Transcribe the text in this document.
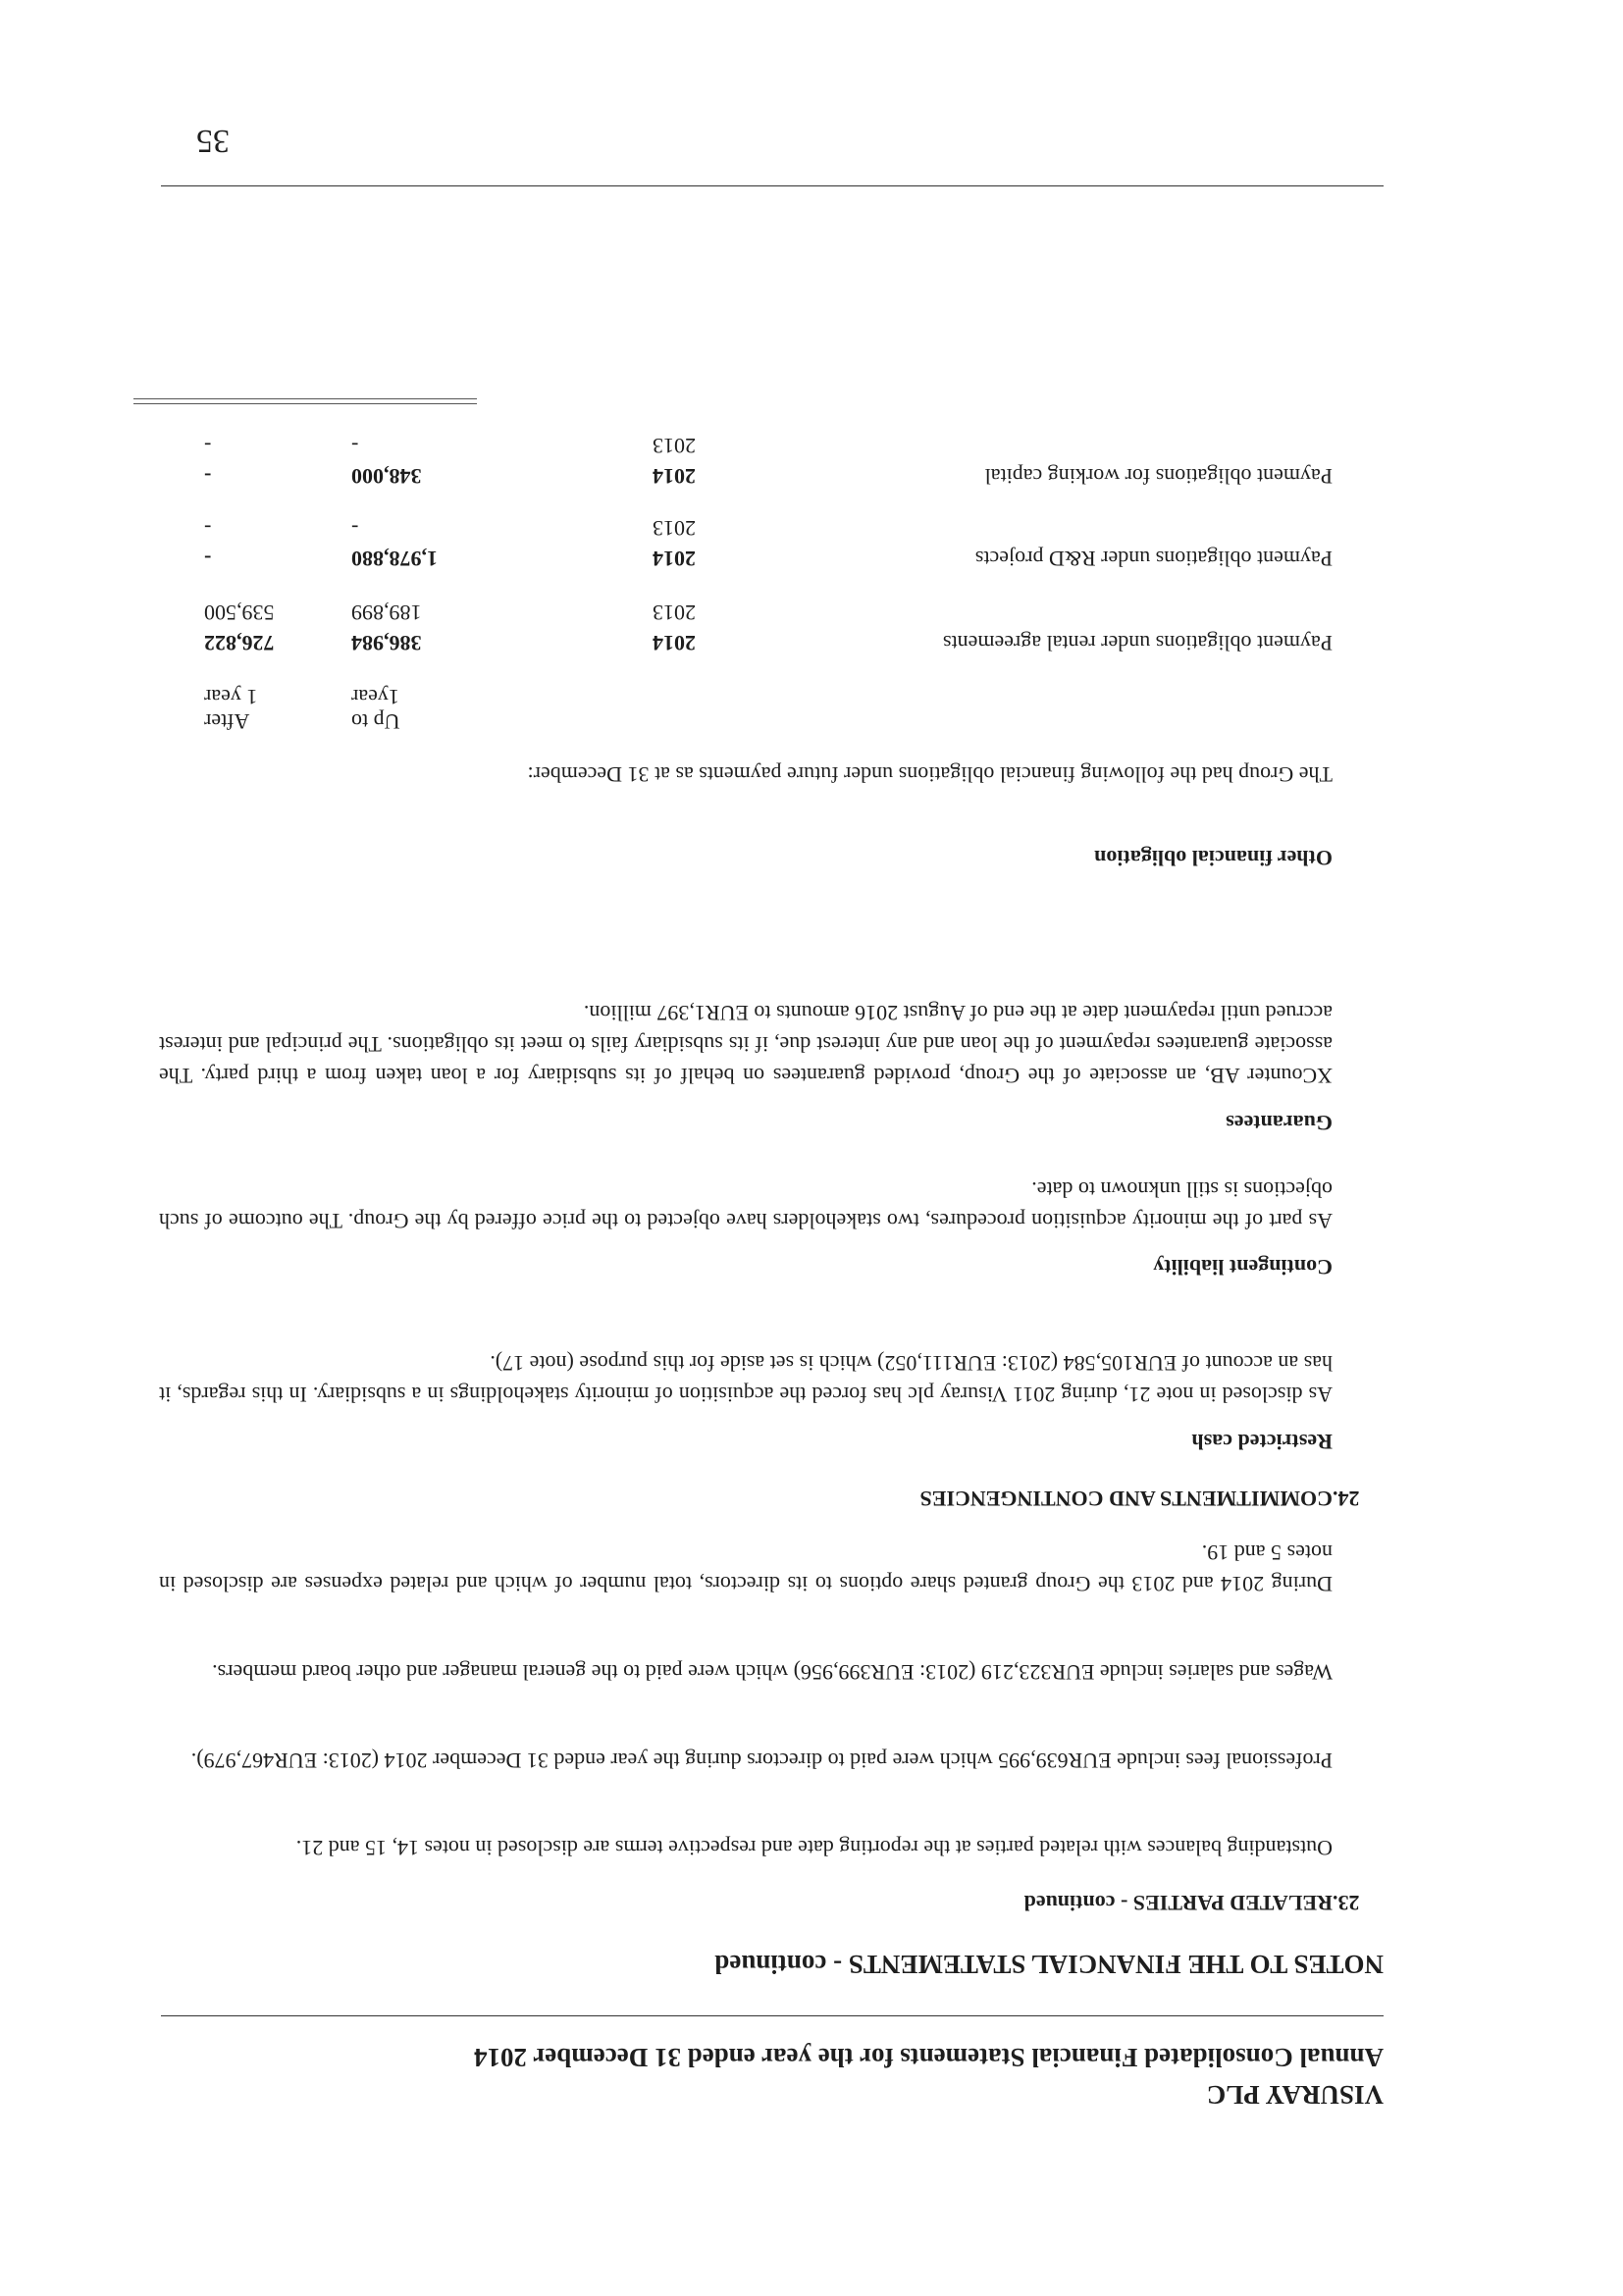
VISURAY PLC
Annual Consolidated Financial Statements for the year ended 31 December 2014
NOTES TO THE FINANCIAL STATEMENTS - continued
23.RELATED PARTIES - continued
Outstanding balances with related parties at the reporting date and respective terms are disclosed in notes 14, 15 and 21.
Professional fees include EUR639,995 which were paid to directors during the year ended 31 December 2014 (2013: EUR467,979).
Wages and salaries include EUR323,219 (2013: EUR399,956) which were paid to the general manager and other board members.
During 2014 and 2013 the Group granted share options to its directors, total number of which and related expenses are disclosed in notes 5 and 19.
24.COMMITMENTS AND CONTINGENCIES
Restricted cash
As disclosed in note 21, during 2011 Visuray plc has forced the acquisition of minority stakeholdings in a subsidiary. In this regards, it has an account of EUR105,584 (2013: EUR111,052) which is set aside for this purpose (note 17).
Contingent liability
As part of the minority acquisition procedures, two stakeholders have objected to the price offered by the Group. The outcome of such objections is still unknown to date.
Guarantees
XCounter AB, an associate of the Group, provided guarantees on behalf of its subsidiary for a loan taken from a third party. The associate guarantees repayment of the loan and any interest due, if its subsidiary fails to meet its obligations. The principal and interest accrued until repayment date at the end of August 2016 amounts to EUR1,397 million.
Other financial obligation
The Group had the following financial obligations under future payments as at 31 December:
Up to
1year
After
1 year
Payment obligations under rental agreements
2014
386,984
726,822
2013
189,899
539,500
Payment obligations under R&D projects
2014
1,978,880
-
2013
-
-
Payment obligations for working capital
2014
348,000
-
2013
-
-
35
